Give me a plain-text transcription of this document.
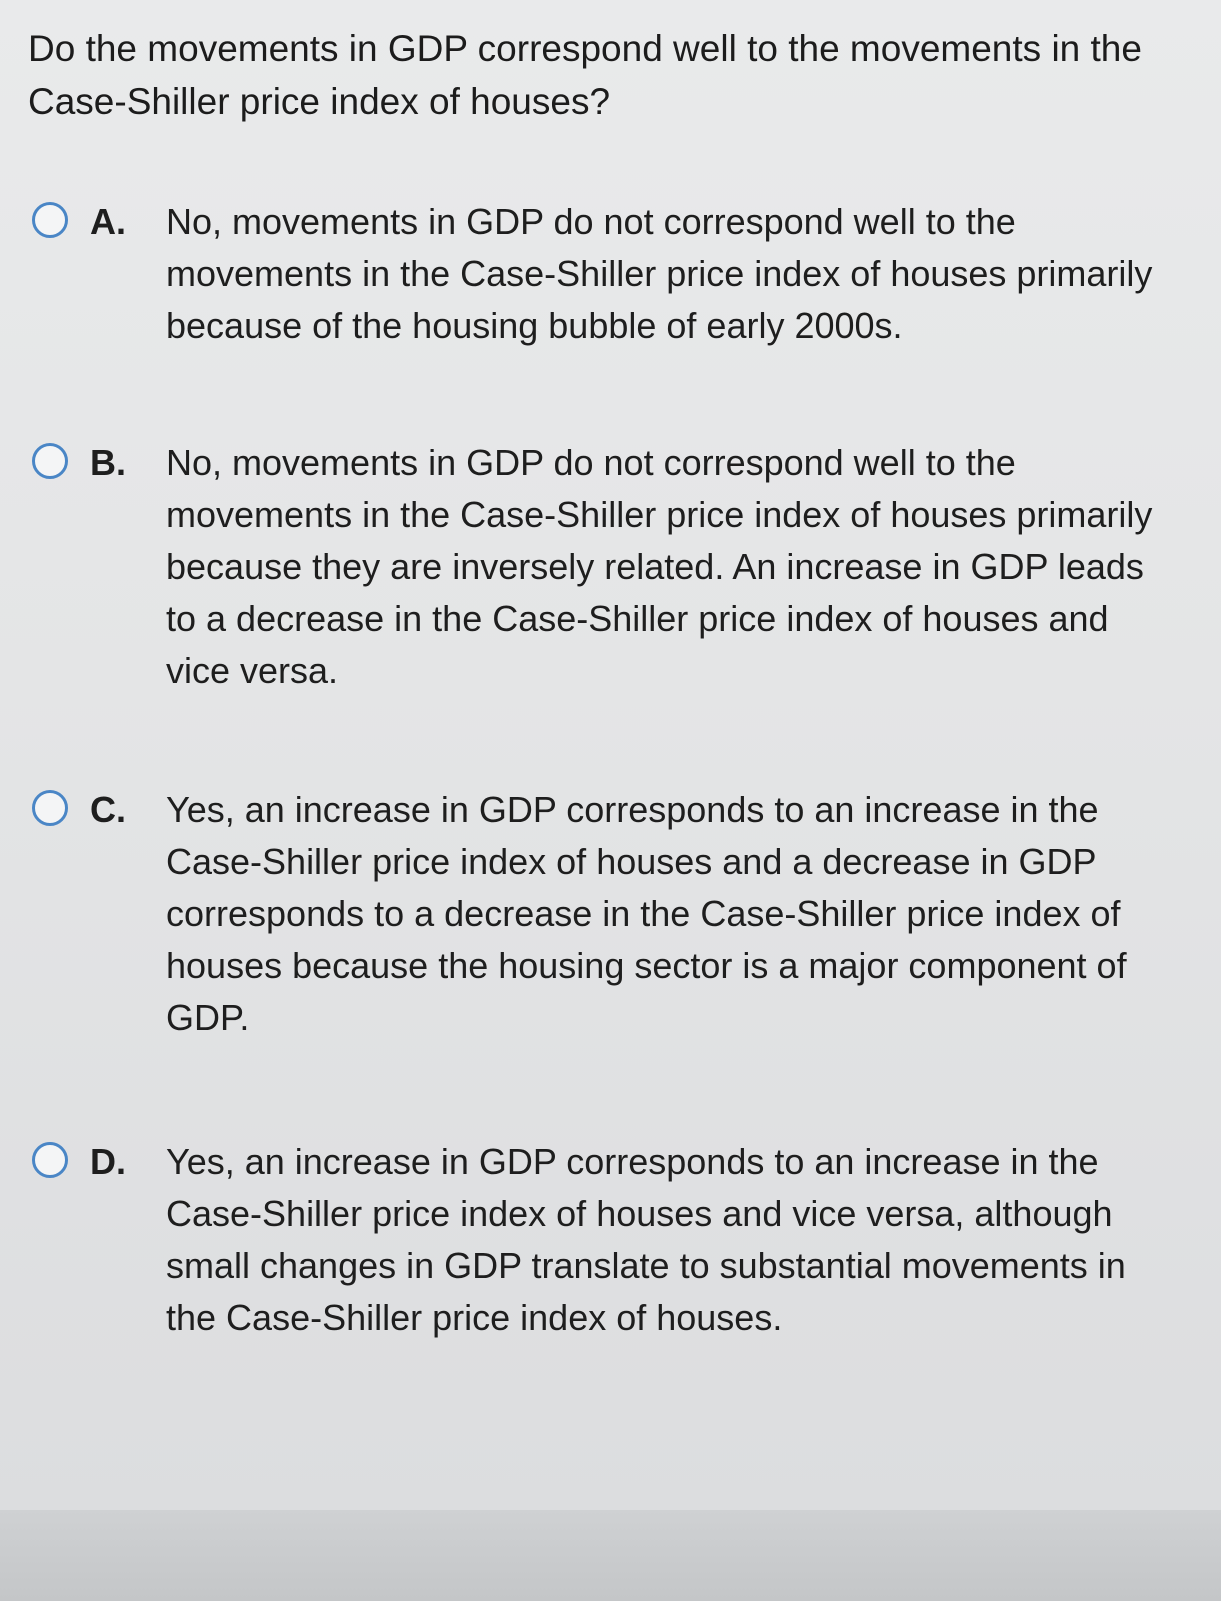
Do the movements in GDP correspond well to the movements in the Case-Shiller price index of houses?

A. No, movements in GDP do not correspond well to the movements in the Case-Shiller price index of houses primarily because of the housing bubble of early 2000s.
B. No, movements in GDP do not correspond well to the movements in the Case-Shiller price index of houses primarily because they are inversely related. An increase in GDP leads to a decrease in the Case-Shiller price index of houses and vice versa.
C. Yes, an increase in GDP corresponds to an increase in the Case-Shiller price index of houses and a decrease in GDP corresponds to a decrease in the Case-Shiller price index of houses because the housing sector is a major component of GDP.
D. Yes, an increase in GDP corresponds to an increase in the Case-Shiller price index of houses and vice versa, although small changes in GDP translate to substantial movements in the Case-Shiller price index of houses.
